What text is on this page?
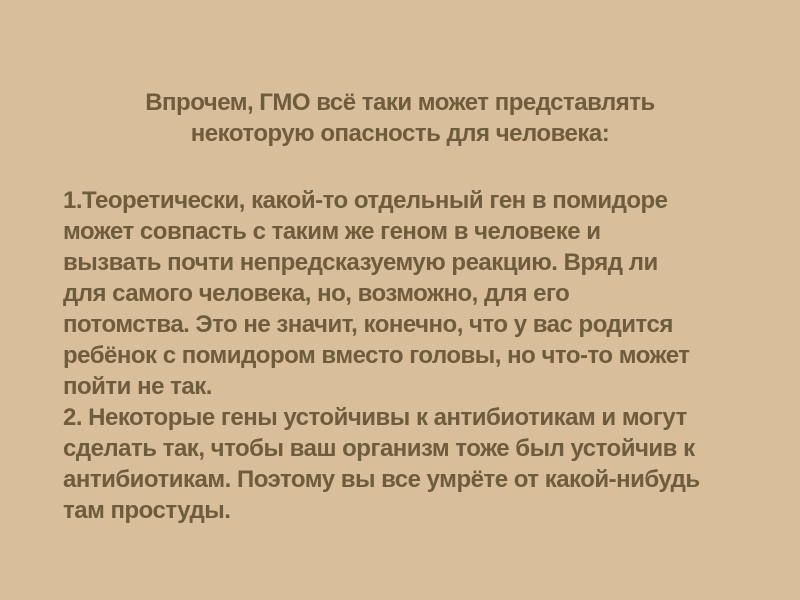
Впрочем, ГМО всё таки может представлять
некоторую опасность для человека:
1.Теоретически, какой-то отдельный ген в помидоре
может совпасть с таким же геном в человеке и
вызвать почти непредсказуемую реакцию. Вряд ли
для самого человека, но, возможно, для его
потомства. Это не значит, конечно, что у вас родится
ребёнок с помидором вместо головы, но что-то может
пойти не так.
2. Некоторые гены устойчивы к антибиотикам и могут
сделать так, чтобы ваш организм тоже был устойчив к
антибиотикам. Поэтому вы все умрёте от какой-нибудь
там простуды.
